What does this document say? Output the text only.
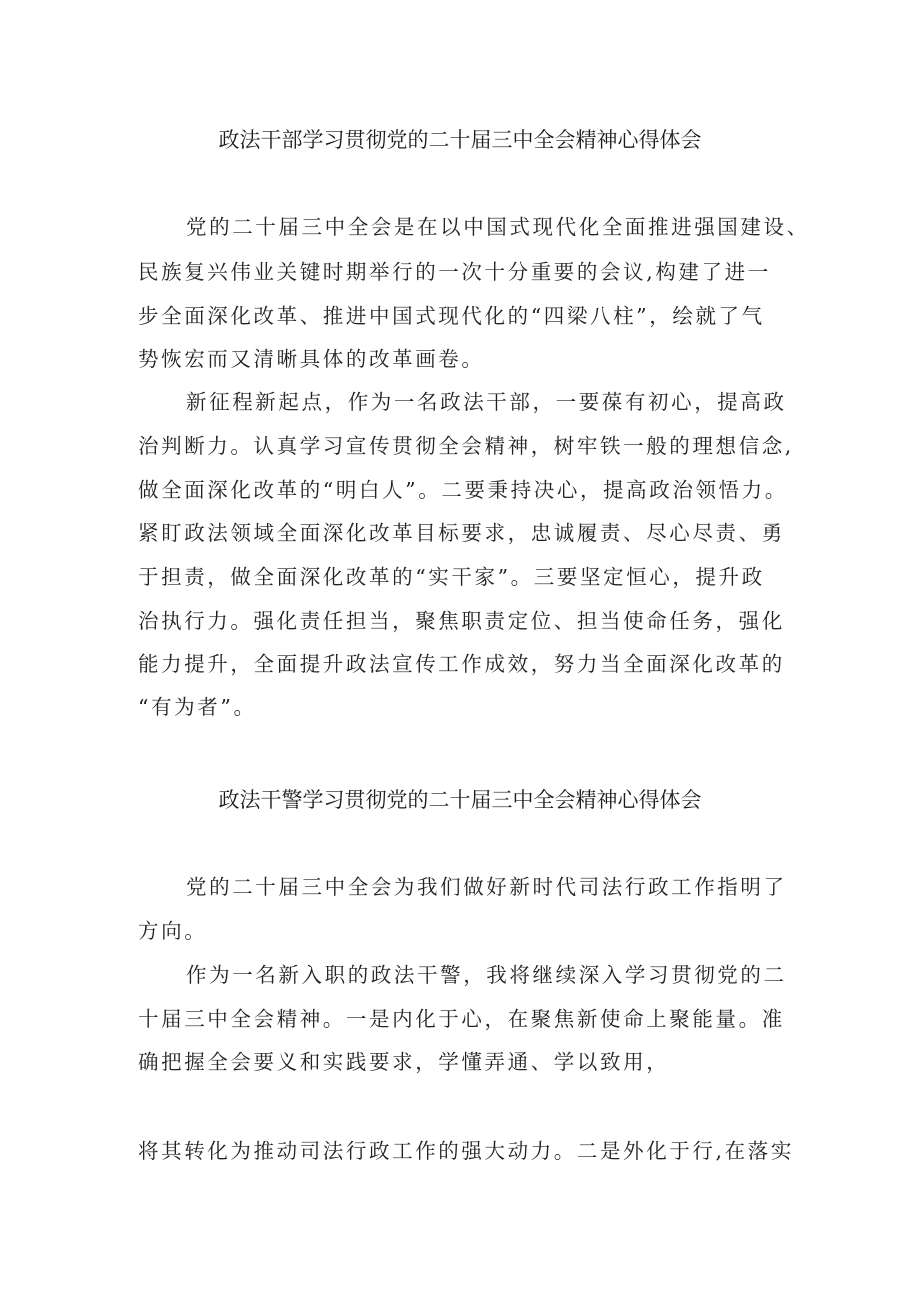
政法干部学习贯彻党的二十届三中全会精神心得体会

党的二十届三中全会是在以中国式现代化全面推进强国建设、

民族复兴伟业关键时期举行的一次十分重要的会议,构建了进一

步全面深化改革、推进中国式现代化的“四梁八柱”，绘就了气

势恢宏而又清晰具体的改革画卷。

新征程新起点，作为一名政法干部，一要葆有初心，提高政

治判断力。认真学习宣传贯彻全会精神，树牢铁一般的理想信念,

做全面深化改革的“明白人”。二要秉持决心，提高政治领悟力。

紧盯政法领域全面深化改革目标要求，忠诚履责、尽心尽责、勇

于担责，做全面深化改革的“实干家”。三要坚定恒心，提升政

治执行力。强化责任担当，聚焦职责定位、担当使命任务，强化

能力提升，全面提升政法宣传工作成效，努力当全面深化改革的

“有为者”。

政法干警学习贯彻党的二十届三中全会精神心得体会

党的二十届三中全会为我们做好新时代司法行政工作指明了

方向。

作为一名新入职的政法干警，我将继续深入学习贯彻党的二

十届三中全会精神。一是内化于心，在聚焦新使命上聚能量。准

确把握全会要义和实践要求，学懂弄通、学以致用，

将其转化为推动司法行政工作的强大动力。二是外化于行,在落实
